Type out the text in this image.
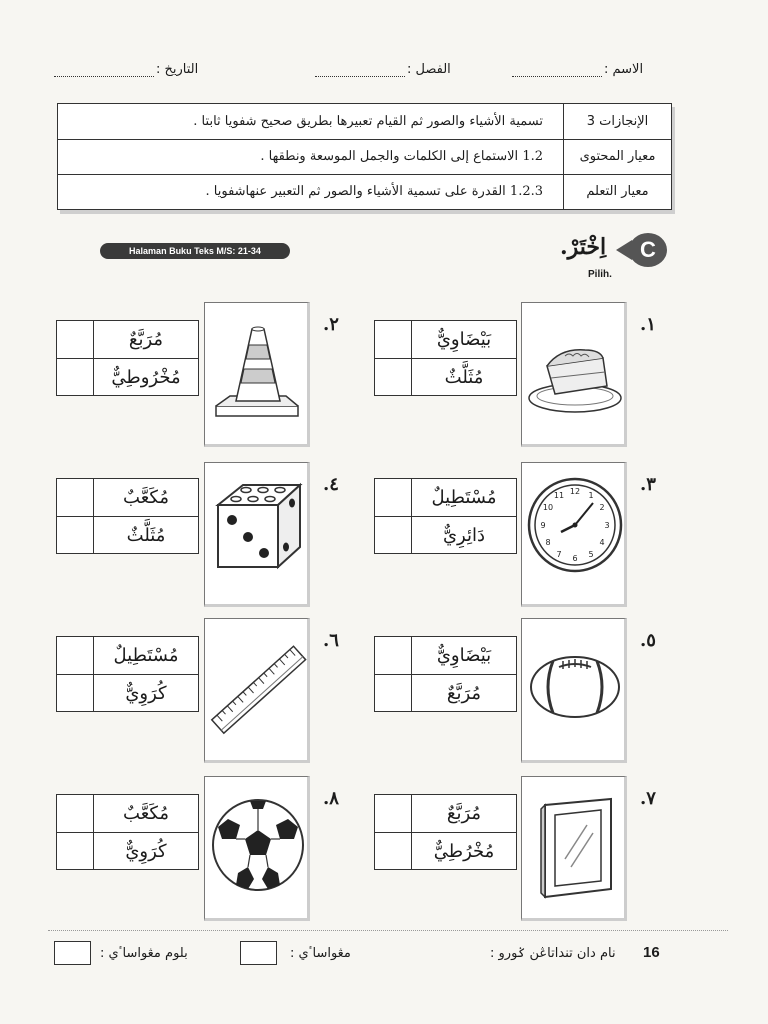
الاسم :
الفصل :
التاريخ :
الإنجازات 3
تسمية الأشياء والصور ثم القيام تعبيرها بطريق صحيح شفويا ثابتا .
معيار المحتوى
1.2 الاستماع إلى الكلمات والجمل الموسعة ونطقها .
معيار التعلم
1.2.3 القدرة على تسمية الأشياء والصور ثم التعبير عنهاشفويا .
Halaman Buku Teks M/S: 21-34	C
اِخْتَرْ.
Pilih.
١.
بَيْضَاوِيٌّ
مُثَلَّثٌ
٢.
مُرَبَّعٌ
مُخْرُوطِيٌّ
٣.
12 1
2
3
4
5
6
7
8
9
10
11
مُسْتَطِيلٌ
دَائِرِيٌّ
٤.
مُكَعَّبٌ
مُثَلَّثٌ
٥.
بَيْضَاوِيٌّ
مُرَبَّعٌ
٦.
مُسْتَطِيلٌ
كُرَوِيٌّ
٧.
مُرَبَّعٌ
مُخْرُطِيٌّ
٨.
مُكَعَّبٌ
كُرَوِيٌّ
16
نام دان تنداتاڠن ݢورو :
مڠواساٴي :
بلوم مڠواساٴي :
